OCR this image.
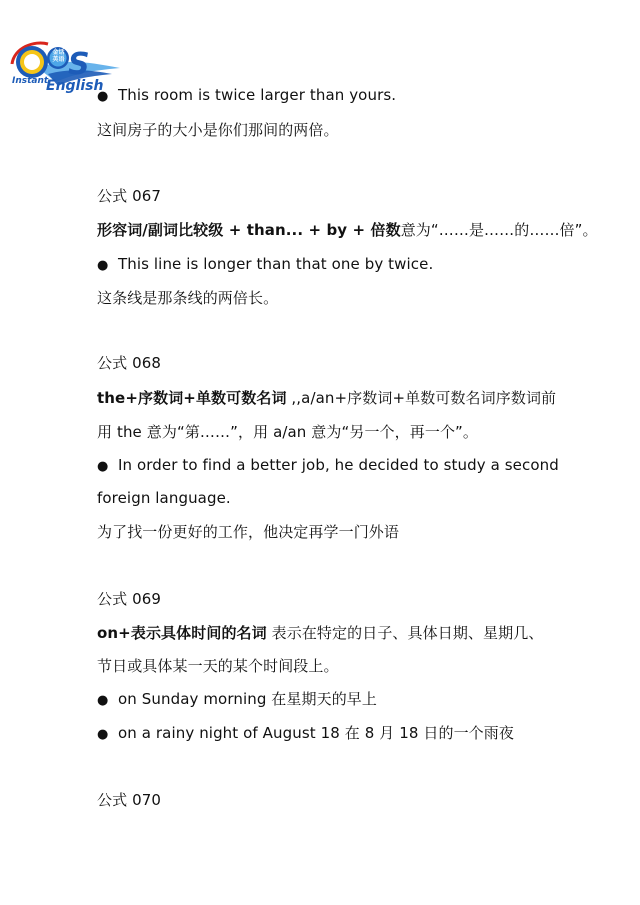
S
金话 英语
Instant
English
● This room is twice larger than yours.
这间房子的大小是你们那间的两倍。
公式 067
形容词/副词比较级 + than... + by + 倍数意为“……是……的……倍”。
● This line is longer than that one by twice.
这条线是那条线的两倍长。
公式 068
the+序数词+单数可数名词 ,,a/an+序数词+单数可数名词序数词前
用 the 意为“第……”，用 a/an 意为“另一个，再一个”。
● In order to find a better job, he decided to study a second
foreign language.
为了找一份更好的工作，他决定再学一门外语
公式 069
on+表示具体时间的名词 表示在特定的日子、具体日期、星期几、
节日或具体某一天的某个时间段上。
● on Sunday morning 在星期天的早上
● on a rainy night of August 18 在 8 月 18 日的一个雨夜
公式 070
